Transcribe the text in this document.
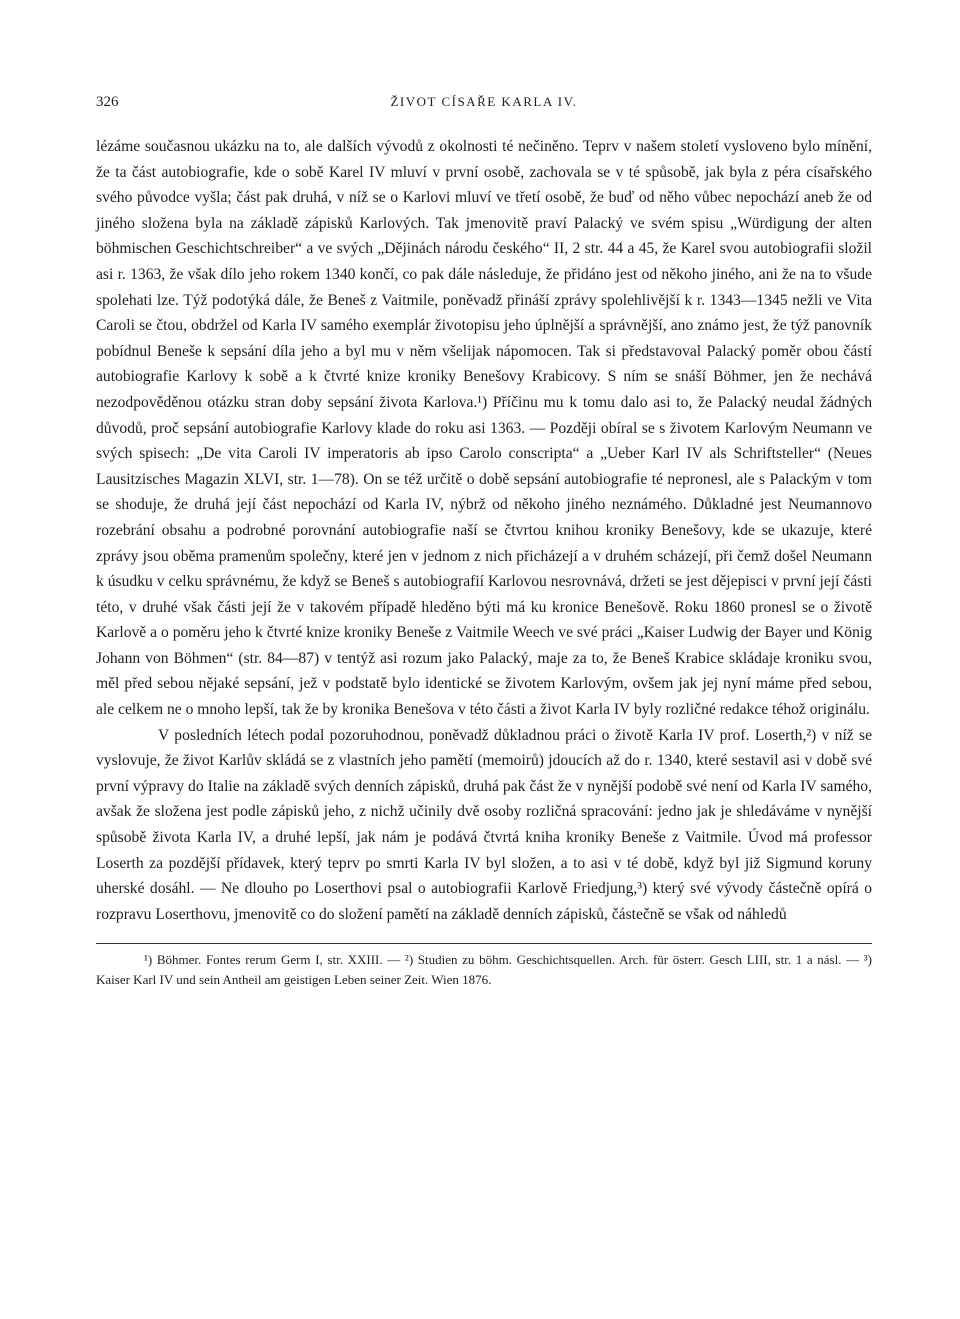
326	ŽIVOT CÍSAŘE KARLA IV.

lézáme současnou ukázku na to, ale dalších vývodů z okolnosti té nečiněno. Teprv v našem století vysloveno bylo mínění, že ta část autobiografie, kde o sobě Karel IV mluví v první osobě, zachovala se v té spůsobě, jak byla z péra císařského svého původce vyšla; část pak druhá, v níž se o Karlovi mluví ve třetí osobě, že buď od něho vůbec nepochází aneb že od jiného složena byla na základě zápisků Karlových. Tak jmenovitě praví Palacký ve svém spisu „Würdigung der alten böhmischen Geschichtschreiber“ a ve svých „Dějinách národu českého“ II, 2 str. 44 a 45, že Karel svou autobiografii složil asi r. 1363, že však dílo jeho rokem 1340 končí, co pak dále následuje, že přidáno jest od někoho jiného, ani že na to všude spolehati lze. Týž podotýká dále, že Beneš z Vaitmile, poněvadž přináší zprávy spolehlivější k r. 1343—1345 nežli ve Vita Caroli se čtou, obdržel od Karla IV samého exemplár životopisu jeho úplnější a správnější, ano známo jest, že týž panovník pobídnul Beneše k sepsání díla jeho a byl mu v něm všelijak nápomocen. Tak si představoval Palacký poměr obou částí autobiografie Karlovy k sobě a k čtvrté knize kroniky Benešovy Krabicovy. S ním se snáší Böhmer, jen že nechává nezodpověděnou otázku stran doby sepsání života Karlova.¹) Příčinu mu k tomu dalo asi to, že Palacký neudal žádných důvodů, proč sepsání autobiografie Karlovy klade do roku asi 1363. — Později obíral se s životem Karlovým Neumann ve svých spisech: „De vita Caroli IV imperatoris ab ipso Carolo conscripta“ a „Ueber Karl IV als Schriftsteller“ (Neues Lausitzisches Magazin XLVI, str. 1—78). On se též určitě o době sepsání autobiografie té nepronesl, ale s Palackým v tom se shoduje, že druhá její část nepochází od Karla IV, nýbrž od někoho jiného neznámého. Důkladné jest Neumannovo rozebrání obsahu a podrobné porovnání autobiografie naší se čtvrtou knihou kroniky Benešovy, kde se ukazuje, které zprávy jsou oběma pramenům společny, které jen v jednom z nich přicházejí a v druhém scházejí, při čemž došel Neumann k úsudku v celku správnému, že když se Beneš s autobiografií Karlovou nesrovnává, držeti se jest dějepisci v první její části této, v druhé však části její že v takovém případě hleděno býti má ku kronice Benešově. Roku 1860 pronesl se o životě Karlově a o poměru jeho k čtvrté knize kroniky Beneše z Vaitmile Weech ve své práci „Kaiser Ludwig der Bayer und König Johann von Böhmen“ (str. 84—87) v tentýž asi rozum jako Palacký, maje za to, že Beneš Krabice skládaje kroniku svou, měl před sebou nějaké sepsání, jež v podstatě bylo identické se životem Karlovým, ovšem jak jej nyní máme před sebou, ale celkem ne o mnoho lepší, tak že by kronika Benešova v této části a život Karla IV byly rozličné redakce téhož originálu.

V posledních létech podal pozoruhodnou, poněvadž důkladnou práci o životě Karla IV prof. Loserth,²) v níž se vyslovuje, že život Karlův skládá se z vlastních jeho pamětí (memoirů) jdoucích až do r. 1340, které sestavil asi v době své první výpravy do Italie na základě svých denních zápisků, druhá pak část že v nynější podobě své není od Karla IV samého, avšak že složena jest podle zápisků jeho, z nichž učinily dvě osoby rozličná spracování: jedno jak je shledáváme v nynější spůsobě života Karla IV, a druhé lepší, jak nám je podává čtvrtá kniha kroniky Beneše z Vaitmile. Úvod má professor Loserth za pozdější přídavek, který teprv po smrti Karla IV byl složen, a to asi v té době, když byl již Sigmund koruny uherské dosáhl. — Ne dlouho po Loserthovi psal o autobiografii Karlově Friedjung,³) který své vývody částečně opírá o rozpravu Loserthovu, jmenovitě co do složení pamětí na základě denních zápisků, částečně se však od náhledů

¹) Böhmer. Fontes rerum Germ I, str. XXIII. — ²) Studien zu böhm. Geschichtsquellen. Arch. für österr. Gesch LIII, str. 1 a násl. — ³) Kaiser Karl IV und sein Antheil am geistigen Leben seiner Zeit. Wien 1876.
